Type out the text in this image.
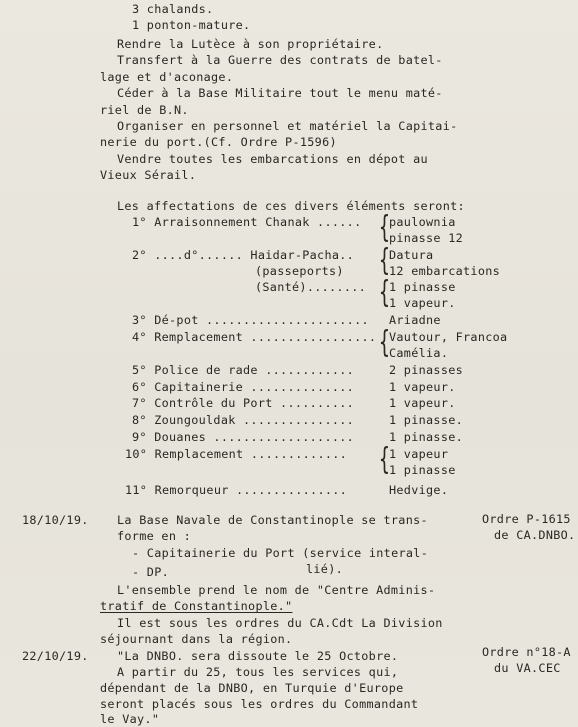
3 chalands.
1 ponton-mature.
Rendre la Lutèce à son propriétaire.
Transfert à la Guerre des contrats de batel-
lage et d'aconage.
Céder à la Base Militaire tout le menu maté-
riel de B.N.
Organiser en personnel et matériel la Capitai-
nerie du port.(Cf. Ordre P-1596)
Vendre toutes les embarcations en dépot au
Vieux Sérail.
Les affectations de ces divers éléments seront:
1° Arraisonnement Chanak ...... paulownia
pinasse 12
{
2° ....d°...... Haidar-Pacha..	Datura
(passeports)	12 embarcations
(Santé)........ 1 pinasse
1 vapeur.
{
{
3° Dé-pot ...................... Ariadne
4° Remplacement ................. Vautour, Francoa
Camélia.
{
5° Police de rade ............	2 pinasses
6° Capitainerie ..............	1 vapeur.
7° Contrôle du Port ..........	1 vapeur.
8° Zoungouldak ...............	1 pinasse.
9° Douanes ...................	1 pinasse.
10° Remplacement .............	1 vapeur
1 pinasse
{
11° Remorqueur ...............	Hedvige.
18/10/19. La Base Navale de Constantinople se trans-
forme en :
- Capitainerie du Port (service interal-
lié).
- DP.
L'ensemble prend le nom de "Centre Adminis-
tratif de Constantinople."
Il est sous les ordres du CA.Cdt La Division
séjournant dans la région.
22/10/19. "La DNBO. sera dissoute le 25 Octobre.
A partir du 25, tous les services qui,
dépendant de la DNBO, en Turquie d'Europe
seront placés sous les ordres du Commandant
le Vay."
Ordre P-1615
de CA.DNBO.
Ordre n°18-A
du VA.CEC
